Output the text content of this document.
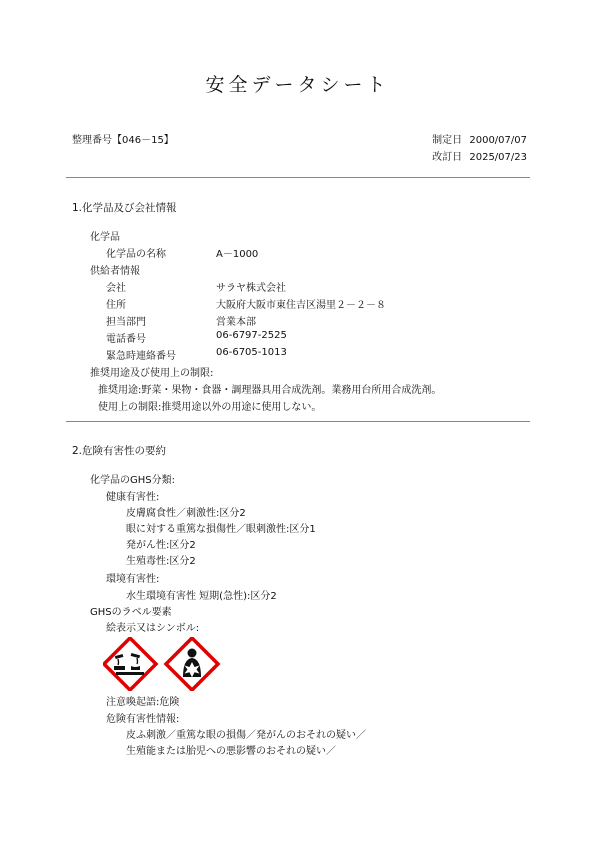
安全データシート
整理番号【046－15】	制定日 2000/07/07
改訂日 2025/07/23
1.化学品及び会社情報
化学品
化学品の名称	A－1000
供給者情報
会社	サラヤ株式会社
住所	大阪府大阪市東住吉区湯里２－２－８
担当部門	営業本部
電話番号	06-6797-2525
緊急時連絡番号	06-6705-1013
推奨用途及び使用上の制限:
推奨用途:野菜・果物・食器・調理器具用合成洗剤。業務用台所用合成洗剤。
使用上の制限:推奨用途以外の用途に使用しない。
2.危険有害性の要約
化学品のGHS分類:
健康有害性:
皮膚腐食性／刺激性:区分2
眼に対する重篤な損傷性／眼刺激性:区分1
発がん性:区分2
生殖毒性:区分2
環境有害性:
水生環境有害性 短期(急性):区分2
GHSのラベル要素
絵表示又はシンボル:
注意喚起語:危険
危険有害性情報:
皮ふ刺激／重篤な眼の損傷／発がんのおそれの疑い／
生殖能または胎児への悪影響のおそれの疑い／
